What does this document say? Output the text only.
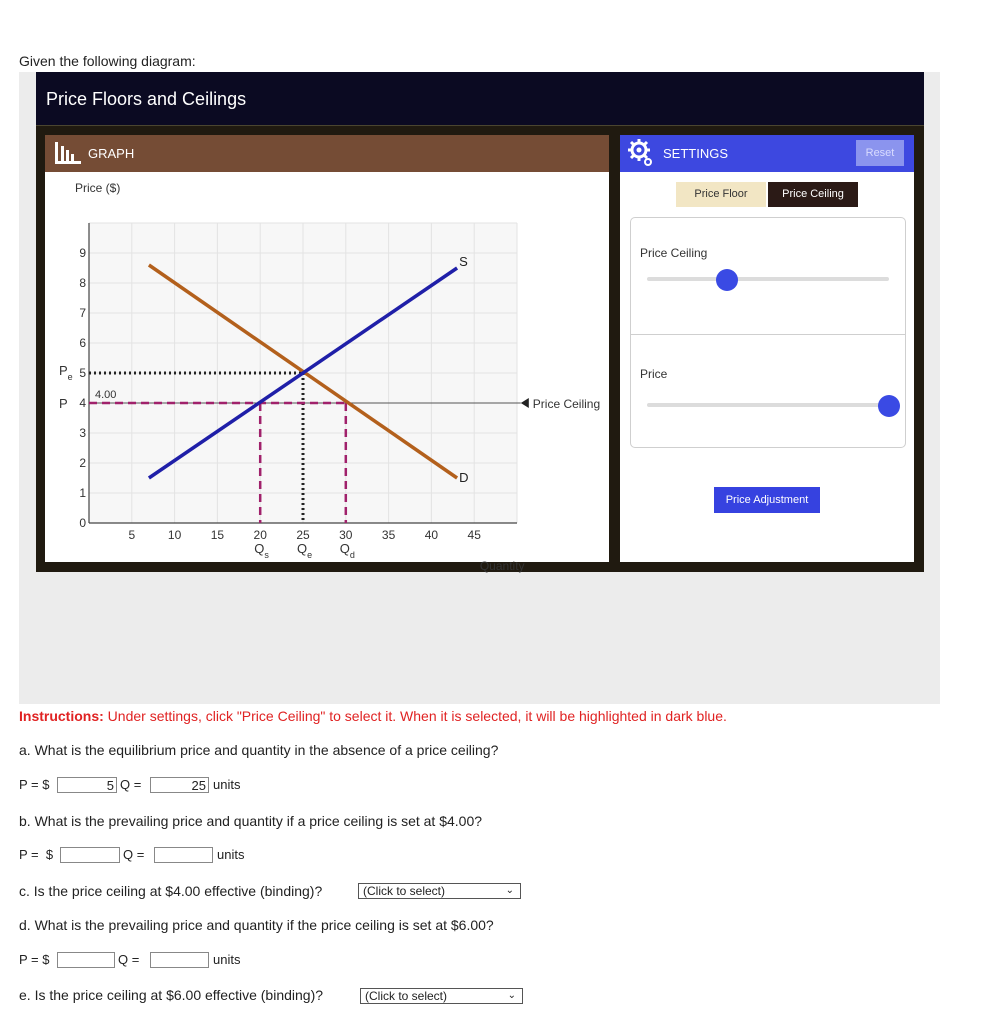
Given the following diagram:
Price Floors and Ceilings
GRAPH
5	10 15 20 25 30 35 40 45
0
1
2
3
4
5
6
7
8
9
Price ($)
Quantity
S
D
Price Ceiling
4.00
$P_e$
P
$Q_s$ $Q_e$ $Q_d$
SETTINGS	Reset
Price Floor	Price Ceiling
Price Ceiling
Price
Price Adjustment
Instructions: Under settings, click "Price Ceiling" to select it. When it is selected, it will be highlighted in dark blue.
a. What is the equilibrium price and quantity in the absence of a price ceiling?
P = $	5 Q =	25 units
b. What is the prevailing price and quantity if a price ceiling is set at $4.00?
P =  $	Q =	units
c. Is the price ceiling at $4.00 effective (binding)?	(Click to select)	⌄
d. What is the prevailing price and quantity if the price ceiling is set at $6.00?
P = $	Q =	units
e. Is the price ceiling at $6.00 effective (binding)?	(Click to select)	⌄
